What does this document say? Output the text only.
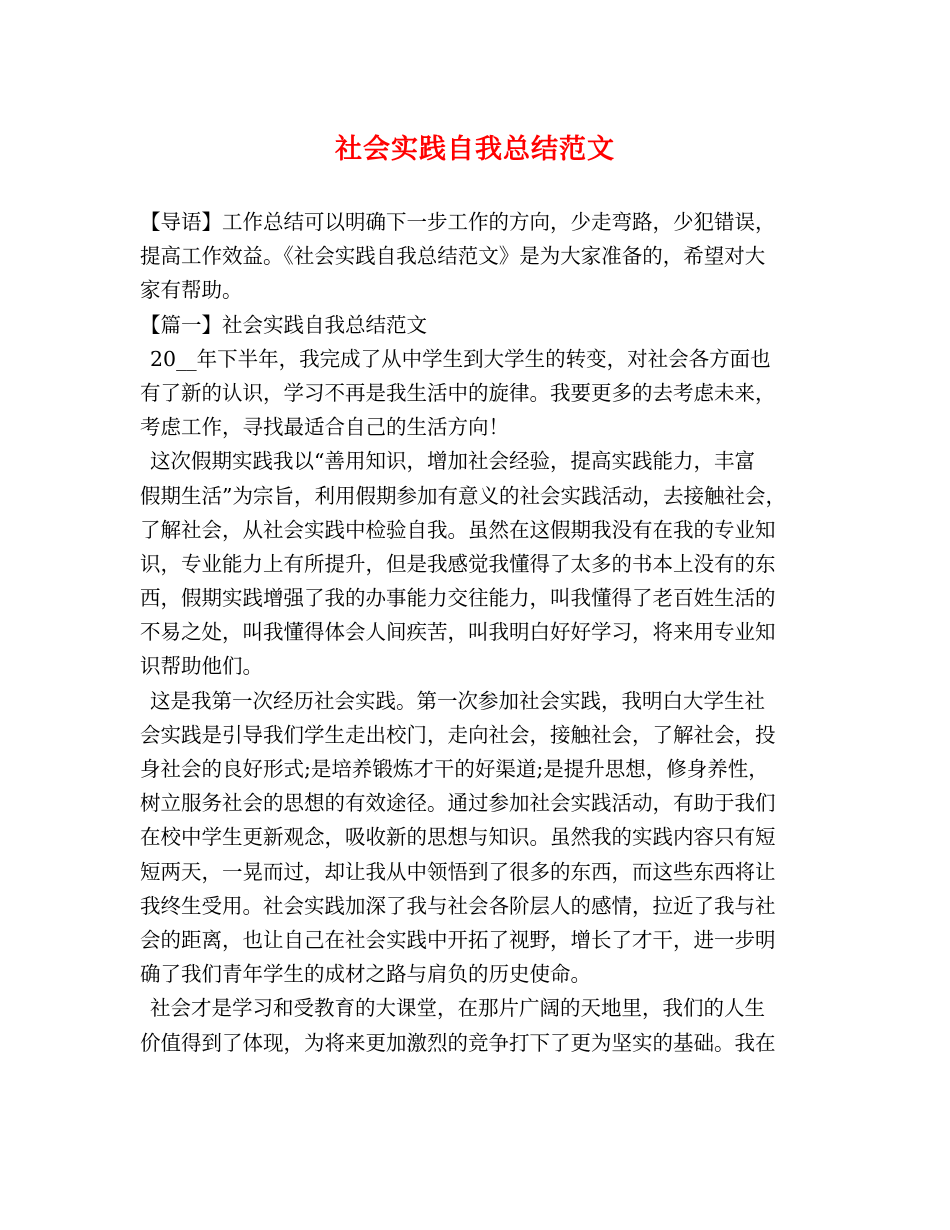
社会实践自我总结范文
【导语】工作总结可以明确下一步工作的方向，少走弯路，少犯错误，
提高工作效益。《社会实践自我总结范文》是为大家准备的，希望对大
家有帮助。
【篇一】社会实践自我总结范文
20__年下半年，我完成了从中学生到大学生的转变，对社会各方面也
有了新的认识，学习不再是我生活中的旋律。我要更多的去考虑未来，
考虑工作，寻找最适合自己的生活方向！
这次假期实践我以“善用知识，增加社会经验，提高实践能力，丰富
假期生活”为宗旨，利用假期参加有意义的社会实践活动，去接触社会，
了解社会，从社会实践中检验自我。虽然在这假期我没有在我的专业知
识，专业能力上有所提升，但是我感觉我懂得了太多的书本上没有的东
西，假期实践增强了我的办事能力交往能力，叫我懂得了老百姓生活的
不易之处，叫我懂得体会人间疾苦，叫我明白好好学习，将来用专业知
识帮助他们。
这是我第一次经历社会实践。第一次参加社会实践，我明白大学生社
会实践是引导我们学生走出校门，走向社会，接触社会，了解社会，投
身社会的良好形式;是培养锻炼才干的好渠道;是提升思想，修身养性，
树立服务社会的思想的有效途径。通过参加社会实践活动，有助于我们
在校中学生更新观念，吸收新的思想与知识。虽然我的实践内容只有短
短两天，一晃而过，却让我从中领悟到了很多的东西，而这些东西将让
我终生受用。社会实践加深了我与社会各阶层人的感情，拉近了我与社
会的距离，也让自己在社会实践中开拓了视野，增长了才干，进一步明
确了我们青年学生的成材之路与肩负的历史使命。
社会才是学习和受教育的大课堂，在那片广阔的天地里，我们的人生
价值得到了体现，为将来更加激烈的竞争打下了更为坚实的基础。我在
